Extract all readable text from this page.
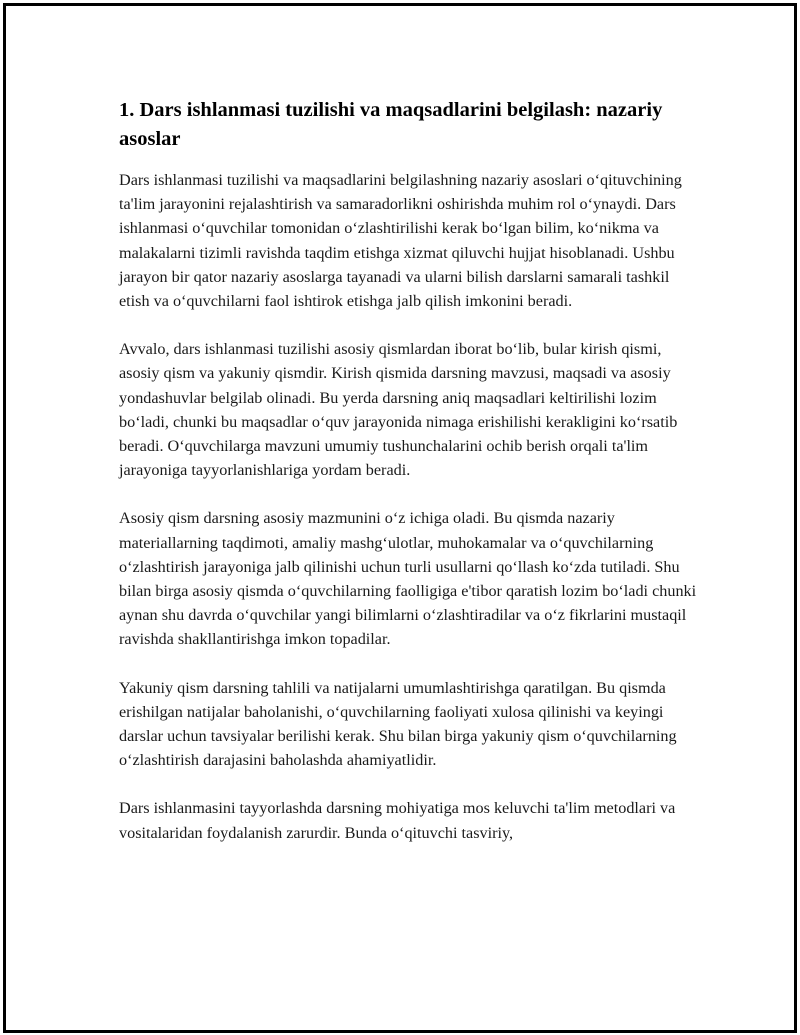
1. Dars ishlanmasi tuzilishi va maqsadlarini belgilash: nazariy asoslar

Dars ishlanmasi tuzilishi va maqsadlarini belgilashning nazariy asoslari o‘qituvchining ta'lim jarayonini rejalashtirish va samaradorlikni oshirishda muhim rol o‘ynaydi. Dars ishlanmasi o‘quvchilar tomonidan o‘zlashtirilishi kerak bo‘lgan bilim, ko‘nikma va malakalarni tizimli ravishda taqdim etishga xizmat qiluvchi hujjat hisoblanadi. Ushbu jarayon bir qator nazariy asoslarga tayanadi va ularni bilish darslarni samarali tashkil etish va o‘quvchilarni faol ishtirok etishga jalb qilish imkonini beradi.

Avvalo, dars ishlanmasi tuzilishi asosiy qismlardan iborat bo‘lib, bular kirish qismi, asosiy qism va yakuniy qismdir. Kirish qismida darsning mavzusi, maqsadi va asosiy yondashuvlar belgilab olinadi. Bu yerda darsning aniq maqsadlari keltirilishi lozim bo‘ladi, chunki bu maqsadlar o‘quv jarayonida nimaga erishilishi kerakligini ko‘rsatib beradi. O‘quvchilarga mavzuni umumiy tushunchalarini ochib berish orqali ta'lim jarayoniga tayyorlanishlariga yordam beradi.

Asosiy qism darsning asosiy mazmunini o‘z ichiga oladi. Bu qismda nazariy materiallarning taqdimoti, amaliy mashg‘ulotlar, muhokamalar va o‘quvchilarning o‘zlashtirish jarayoniga jalb qilinishi uchun turli usullarni qo‘llash ko‘zda tutiladi. Shu bilan birga asosiy qismda o‘quvchilarning faolligiga e'tibor qaratish lozim bo‘ladi chunki aynan shu davrda o‘quvchilar yangi bilimlarni o‘zlashtiradilar va o‘z fikrlarini mustaqil ravishda shakllantirishga imkon topadilar.

Yakuniy qism darsning tahlili va natijalarni umumlashtirishga qaratilgan. Bu qismda erishilgan natijalar baholanishi, o‘quvchilarning faoliyati xulosa qilinishi va keyingi darslar uchun tavsiyalar berilishi kerak. Shu bilan birga yakuniy qism o‘quvchilarning o‘zlashtirish darajasini baholashda ahamiyatlidir.

Dars ishlanmasini tayyorlashda darsning mohiyatiga mos keluvchi ta'lim metodlari va vositalaridan foydalanish zarurdir. Bunda o‘qituvchi tasviriy,
